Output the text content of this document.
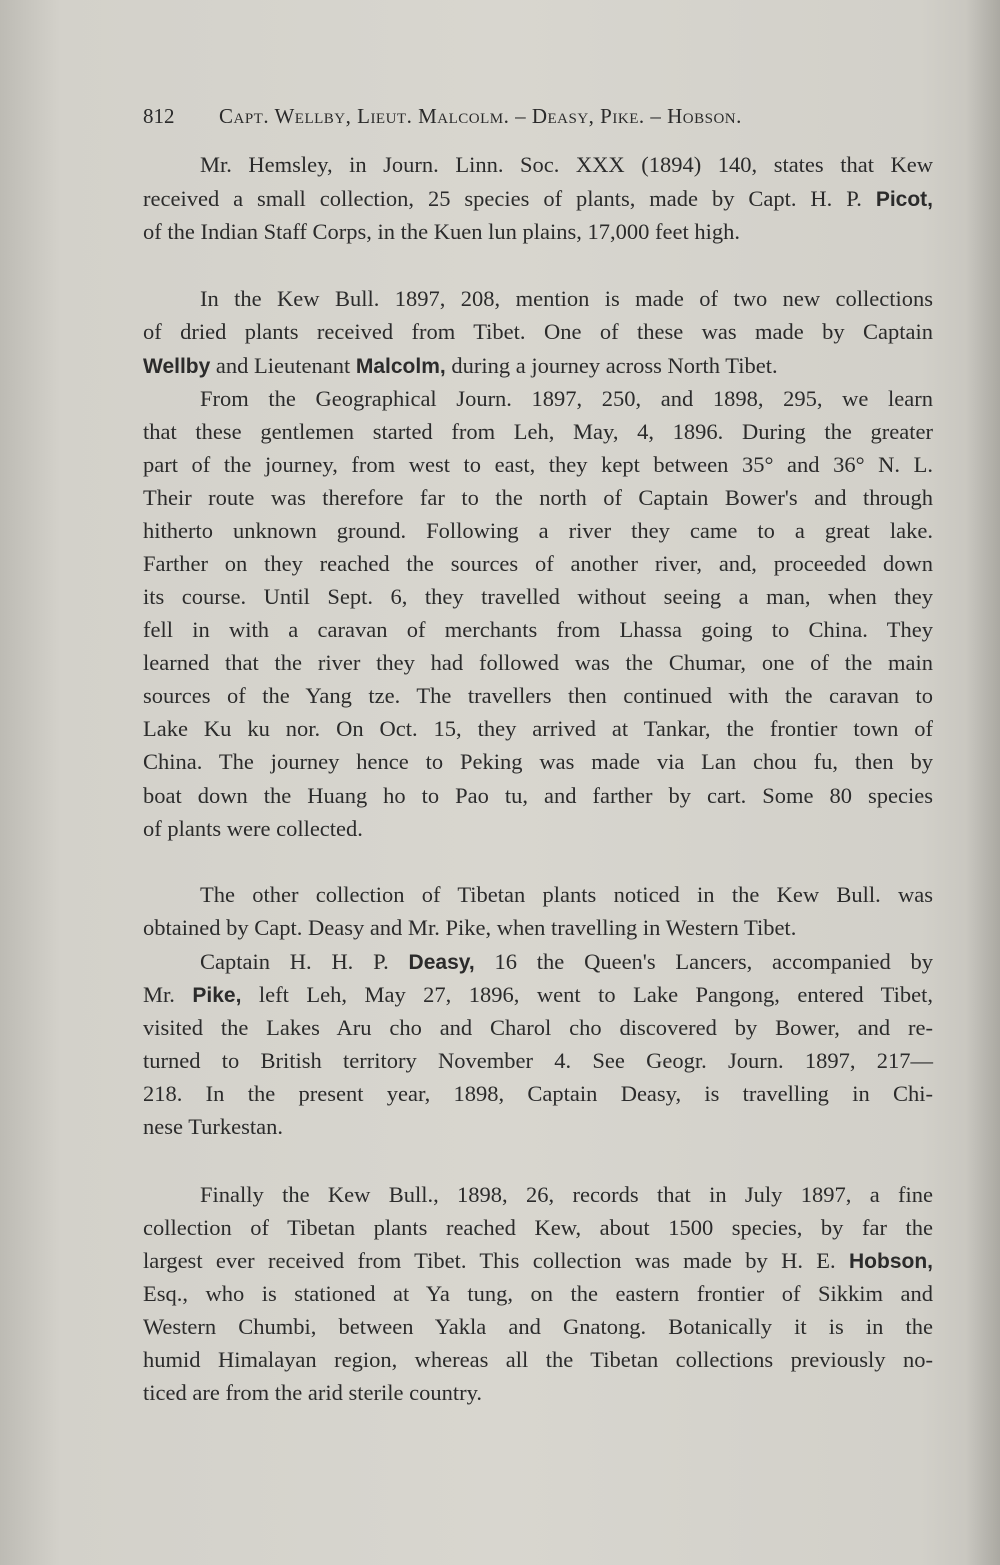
812 Capt. Wellby, Lieut. Malcolm. – Deasy, Pike. – Hobson.
Mr. Hemsley, in Journ. Linn. Soc. XXX (1894) 140, states that Kew
received a small collection, 25 species of plants, made by Capt. H. P. Picot,
of the Indian Staff Corps, in the Kuen lun plains, 17,000 feet high.
In the Kew Bull. 1897, 208, mention is made of two new collections
of dried plants received from Tibet. One of these was made by Captain
Wellby and Lieutenant Malcolm, during a journey across North Tibet.
From the Geographical Journ. 1897, 250, and 1898, 295, we learn
that these gentlemen started from Leh, May, 4, 1896. During the greater
part of the journey, from west to east, they kept between 35° and 36° N. L.
Their route was therefore far to the north of Captain Bower's and through
hitherto unknown ground. Following a river they came to a great lake.
Farther on they reached the sources of another river, and, proceeded down
its course. Until Sept. 6, they travelled without seeing a man, when they
fell in with a caravan of merchants from Lhassa going to China. They
learned that the river they had followed was the Chumar, one of the main
sources of the Yang tze. The travellers then continued with the caravan to
Lake Ku ku nor. On Oct. 15, they arrived at Tankar, the frontier town of
China. The journey hence to Peking was made via Lan chou fu, then by
boat down the Huang ho to Pao tu, and farther by cart. Some 80 species
of plants were collected.
The other collection of Tibetan plants noticed in the Kew Bull. was
obtained by Capt. Deasy and Mr. Pike, when travelling in Western Tibet.
Captain H. H. P. Deasy, 16 the Queen's Lancers, accompanied by
Mr. Pike, left Leh, May 27, 1896, went to Lake Pangong, entered Tibet,
visited the Lakes Aru cho and Charol cho discovered by Bower, and re-
turned to British territory November 4. See Geogr. Journ. 1897, 217—
218. In the present year, 1898, Captain Deasy, is travelling in Chi-
nese Turkestan.
Finally the Kew Bull., 1898, 26, records that in July 1897, a fine
collection of Tibetan plants reached Kew, about 1500 species, by far the
largest ever received from Tibet. This collection was made by H. E. Hobson,
Esq., who is stationed at Ya tung, on the eastern frontier of Sikkim and
Western Chumbi, between Yakla and Gnatong. Botanically it is in the
humid Himalayan region, whereas all the Tibetan collections previously no-
ticed are from the arid sterile country.
